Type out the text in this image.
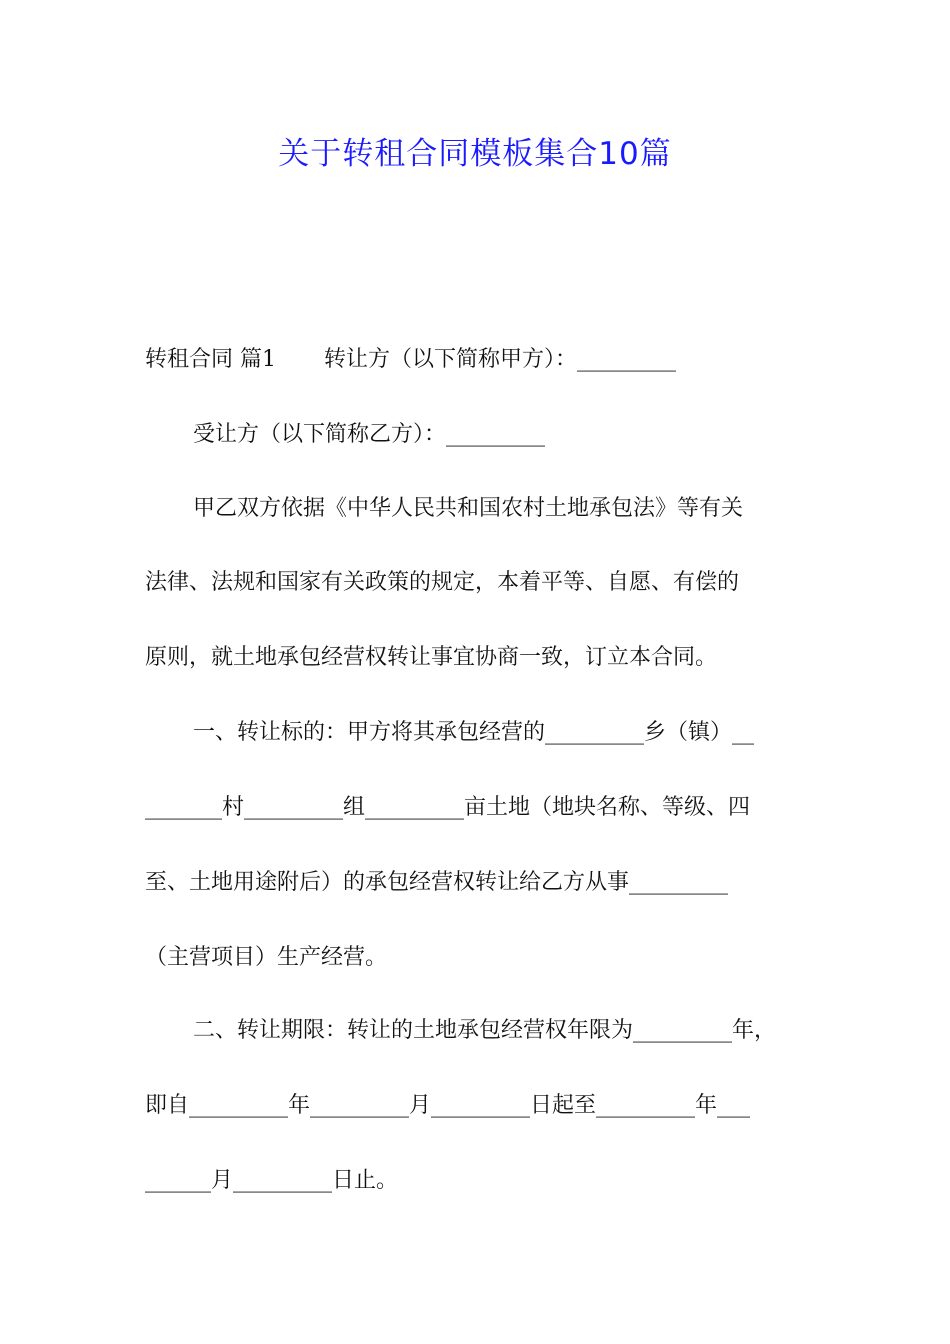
关于转租合同模板集合10篇
转租合同 篇1 转让方（以下简称甲方）：_________
受让方（以下简称乙方）：_________
甲乙双方依据《中华人民共和国农村土地承包法》等有关
法律、法规和国家有关政策的规定，本着平等、自愿、有偿的
原则，就土地承包经营权转让事宜协商一致，订立本合同。
一、转让标的：甲方将其承包经营的_________乡（镇）__
_______村_________组_________亩土地（地块名称、等级、四
至、土地用途附后）的承包经营权转让给乙方从事_________
（主营项目）生产经营。
二、转让期限：转让的土地承包经营权年限为_________年，
即自_________年_________月_________日起至_________年___
______月_________日止。
